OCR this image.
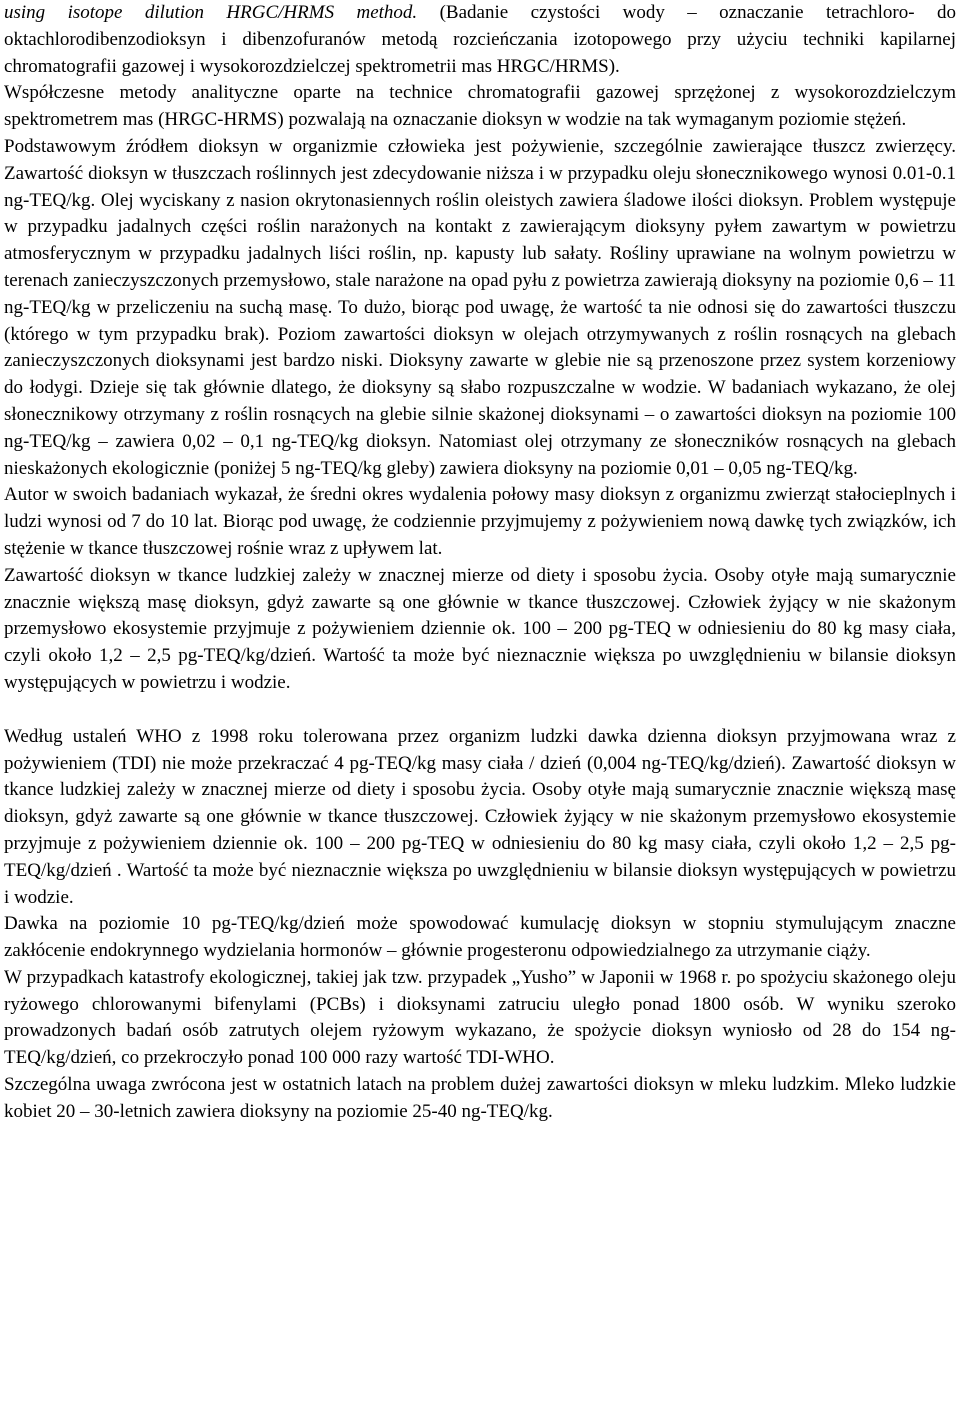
using isotope dilution HRGC/HRMS method. (Badanie czystości wody – oznaczanie tetrachloro- do oktachlorodibenzodioksyn i dibenzofuranów metodą rozcieńczania izotopowego przy użyciu techniki kapilarnej chromatografii gazowej i wysokorozdzielczej spektrometrii mas HRGC/HRMS).

Współczesne metody analityczne oparte na technice chromatografii gazowej sprzężonej z wysokorozdzielczym spektrometrem mas (HRGC-HRMS) pozwalają na oznaczanie dioksyn w wodzie na tak wymaganym poziomie stężeń.

Podstawowym źródłem dioksyn w organizmie człowieka jest pożywienie, szczególnie zawierające tłuszcz zwierzęcy. Zawartość dioksyn w tłuszczach roślinnych jest zdecydowanie niższa i w przypadku oleju słonecznikowego wynosi 0.01-0.1 ng-TEQ/kg. Olej wyciskany z nasion okrytonasiennych roślin oleistych zawiera śladowe ilości dioksyn. Problem występuje w przypadku jadalnych części roślin narażonych na kontakt z zawierającym dioksyny pyłem zawartym w powietrzu atmosferycznym w przypadku jadalnych liści roślin, np. kapusty lub sałaty. Rośliny uprawiane na wolnym powietrzu w terenach zanieczyszczonych przemysłowo, stale narażone na opad pyłu z powietrza zawierają dioksyny na poziomie 0,6 – 11 ng-TEQ/kg w przeliczeniu na suchą masę. To dużo, biorąc pod uwagę, że wartość ta nie odnosi się do zawartości tłuszczu (którego w tym przypadku brak). Poziom zawartości dioksyn w olejach otrzymywanych z roślin rosnących na glebach zanieczyszczonych dioksynami jest bardzo niski. Dioksyny zawarte w glebie nie są przenoszone przez system korzeniowy do łodygi. Dzieje się tak głównie dlatego, że dioksyny są słabo rozpuszczalne w wodzie. W badaniach wykazano, że olej słonecznikowy otrzymany z roślin rosnących na glebie silnie skażonej dioksynami – o zawartości dioksyn na poziomie 100 ng-TEQ/kg – zawiera 0,02 – 0,1 ng-TEQ/kg dioksyn. Natomiast olej otrzymany ze słoneczników rosnących na glebach nieskażonych ekologicznie (poniżej 5 ng-TEQ/kg gleby) zawiera dioksyny na poziomie 0,01 – 0,05 ng-TEQ/kg.

Autor w swoich badaniach wykazał, że średni okres wydalenia połowy masy dioksyn z organizmu zwierząt stałocieplnych i ludzi wynosi od 7 do 10 lat. Biorąc pod uwagę, że codziennie przyjmujemy z pożywieniem nową dawkę tych związków, ich stężenie w tkance tłuszczowej rośnie wraz z upływem lat.

Zawartość dioksyn w tkance ludzkiej zależy w znacznej mierze od diety i sposobu życia. Osoby otyłe mają sumarycznie znacznie większą masę dioksyn, gdyż zawarte są one głównie w tkance tłuszczowej. Człowiek żyjący w nie skażonym przemysłowo ekosystemie przyjmuje z pożywieniem dziennie ok. 100 – 200 pg-TEQ w odniesieniu do 80 kg masy ciała, czyli około 1,2 – 2,5 pg-TEQ/kg/dzień. Wartość ta może być nieznacznie większa po uwzględnieniu w bilansie dioksyn występujących w powietrzu i wodzie.

Według ustaleń WHO z 1998 roku tolerowana przez organizm ludzki dawka dzienna dioksyn przyjmowana wraz z pożywieniem (TDI) nie może przekraczać 4 pg-TEQ/kg masy ciała / dzień (0,004 ng-TEQ/kg/dzień). Zawartość dioksyn w tkance ludzkiej zależy w znacznej mierze od diety i sposobu życia. Osoby otyłe mają sumarycznie znacznie większą masę dioksyn, gdyż zawarte są one głównie w tkance tłuszczowej. Człowiek żyjący w nie skażonym przemysłowo ekosystemie przyjmuje z pożywieniem dziennie ok. 100 – 200 pg-TEQ w odniesieniu do 80 kg masy ciała, czyli około 1,2 – 2,5 pg-TEQ/kg/dzień . Wartość ta może być nieznacznie większa po uwzględnieniu w bilansie dioksyn występujących w powietrzu i wodzie.

Dawka na poziomie 10 pg-TEQ/kg/dzień może spowodować kumulację dioksyn w stopniu stymulującym znaczne zakłócenie endokrynnego wydzielania hormonów – głównie progesteronu odpowiedzialnego za utrzymanie ciąży.

W przypadkach katastrofy ekologicznej, takiej jak tzw. przypadek „Yusho” w Japonii w 1968 r. po spożyciu skażonego oleju ryżowego chlorowanymi bifenylami (PCBs) i dioksynami zatruciu uległo ponad 1800 osób. W wyniku szeroko prowadzonych badań osób zatrutych olejem ryżowym wykazano, że spożycie dioksyn wyniosło od 28 do 154 ng-TEQ/kg/dzień, co przekroczyło ponad 100 000 razy wartość TDI-WHO.

Szczególna uwaga zwrócona jest w ostatnich latach na problem dużej zawartości dioksyn w mleku ludzkim. Mleko ludzkie kobiet 20 – 30-letnich zawiera dioksyny na poziomie 25-40 ng-TEQ/kg.
